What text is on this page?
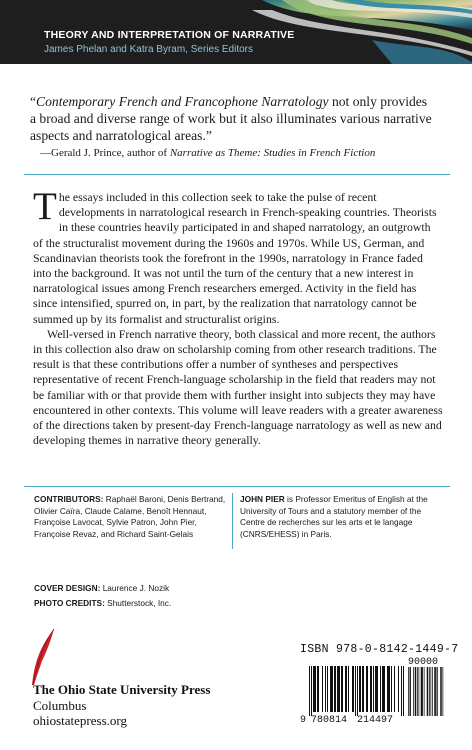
THEORY AND INTERPRETATION OF NARRATIVE
James Phelan and Katra Byram, Series Editors
“Contemporary French and Francophone Narratology not only provides a broad and diverse range of work but it also illuminates various narrative aspects and narratological areas.”
—Gerald J. Prince, author of Narrative as Theme: Studies in French Fiction

The essays included in this collection seek to take the pulse of recent developments in narratological research in French-speaking countries. Theorists in these countries heavily participated in and shaped narratology, an outgrowth of the structuralist movement during the 1960s and 1970s. While US, German, and Scandinavian theorists took the forefront in the 1990s, narratology in France faded into the background. It was not until the turn of the century that a new interest in narratological issues among French researchers emerged. Activity in the field has since intensified, spurred on, in part, by the realization that narratology cannot be summed up by its formalist and structuralist origins.

Well-versed in French narrative theory, both classical and more recent, the authors in this collection also draw on scholarship coming from other research traditions. The result is that these contributions offer a number of syntheses and perspectives representative of recent French-language scholarship in the field that readers may not be familiar with or that provide them with further insight into subjects they may have encountered in other contexts. This volume will leave readers with a greater awareness of the directions taken by present-day French-language narratology as well as new and developing themes in narrative theory generally.

CONTRIBUTORS: Raphaël Baroni, Denis Bertrand, Olivier Caïra, Claude Calame, Benoît Hennaut, Françoise Lavocat, Sylvie Patron, John Pier, Françoise Revaz, and Richard Saint-Gelais
JOHN PIER is Professor Emeritus of English at the University of Tours and a statutory member of the Centre de recherches sur les arts et le langage (CNRS/EHESS) in Paris.
COVER DESIGN: Laurence J. Nozik
PHOTO CREDITS: Shutterstock, Inc.
The Ohio State University Press
Columbus
ohiostatepress.org
ISBN 978-0-8142-1449-7
9 780814 214497
90000
